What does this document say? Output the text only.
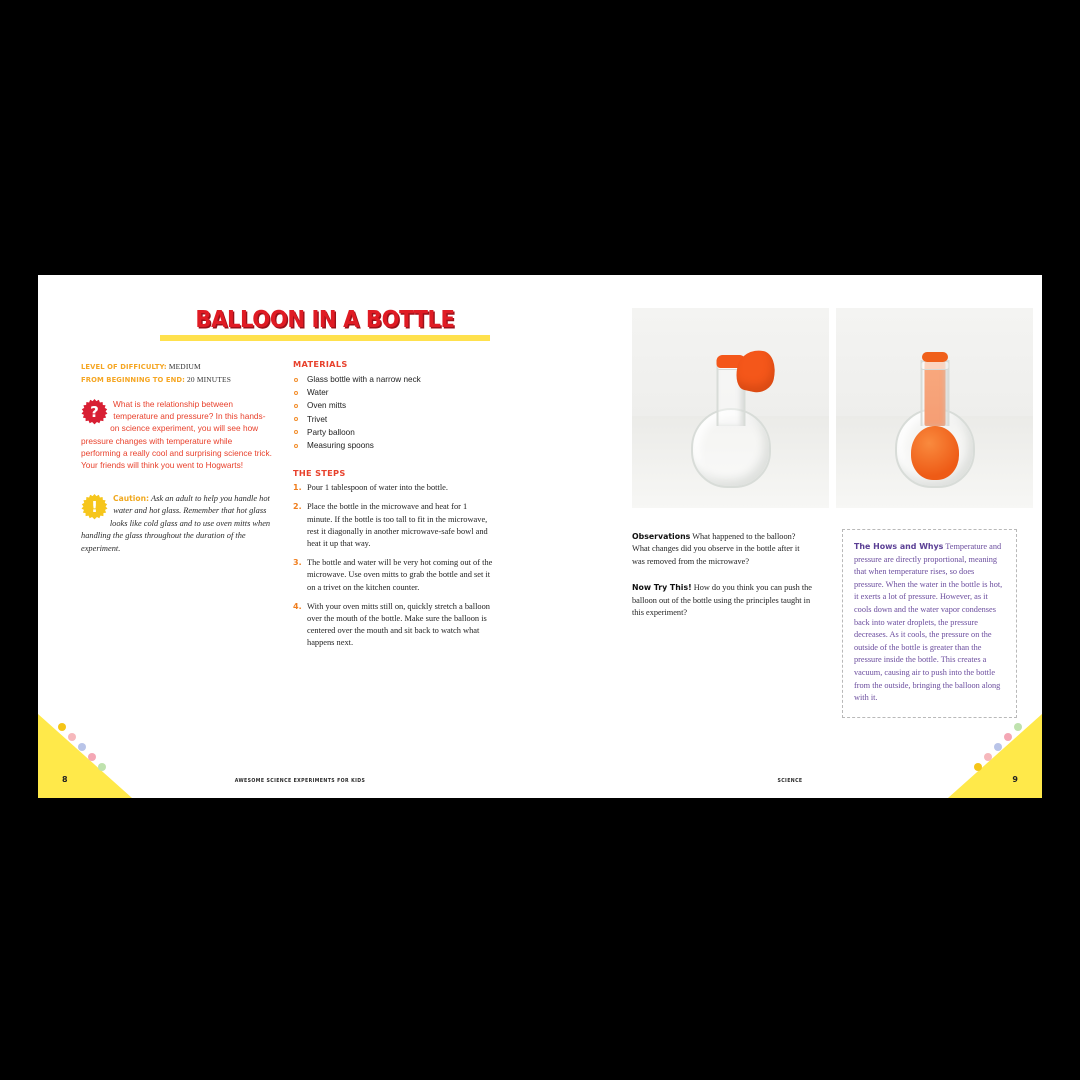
BALLOON IN A BOTTLE
LEVEL OF DIFFICULTY: MEDIUM
FROM BEGINNING TO END: 20 MINUTES
?	What is the relationship between temperature and pressure? In this hands-on science experiment, you will see how pressure changes with temperature while performing a really cool and surprising science trick. Your friends will think you went to Hogwarts!
!	Caution: Ask an adult to help you handle hot water and hot glass. Remember that hot glass looks like cold glass and to use oven mitts when handling the glass throughout the duration of the experiment.
MATERIALS
Glass bottle with a narrow neck
Water
Oven mitts
Trivet
Party balloon
Measuring spoons
THE STEPS
Pour 1 tablespoon of water into the bottle.
Place the bottle in the microwave and heat for 1 minute. If the bottle is too tall to fit in the microwave, rest it diagonally in another microwave-safe bowl and heat it up that way.
The bottle and water will be very hot coming out of the microwave. Use oven mitts to grab the bottle and set it on a trivet on the kitchen counter.
With your oven mitts still on, quickly stretch a balloon over the mouth of the bottle. Make sure the balloon is centered over the mouth and sit back to watch what happens next.
8	AWESOME SCIENCE EXPERIMENTS FOR KIDS

Observations What happened to the balloon? What changes did you observe in the bottle after it was removed from the microwave?

Now Try This! How do you think you can push the balloon out of the bottle using the principles taught in this experiment?

The Hows and Whys Temperature and pressure are directly proportional, meaning that when temperature rises, so does pressure. When the water in the bottle is hot, it exerts a lot of pressure. However, as it cools down and the water vapor condenses back into water droplets, the pressure decreases. As it cools, the pressure on the outside of the bottle is greater than the pressure inside the bottle. This creates a vacuum, causing air to push into the bottle from the outside, bringing the balloon along with it.

9
SCIENCE
